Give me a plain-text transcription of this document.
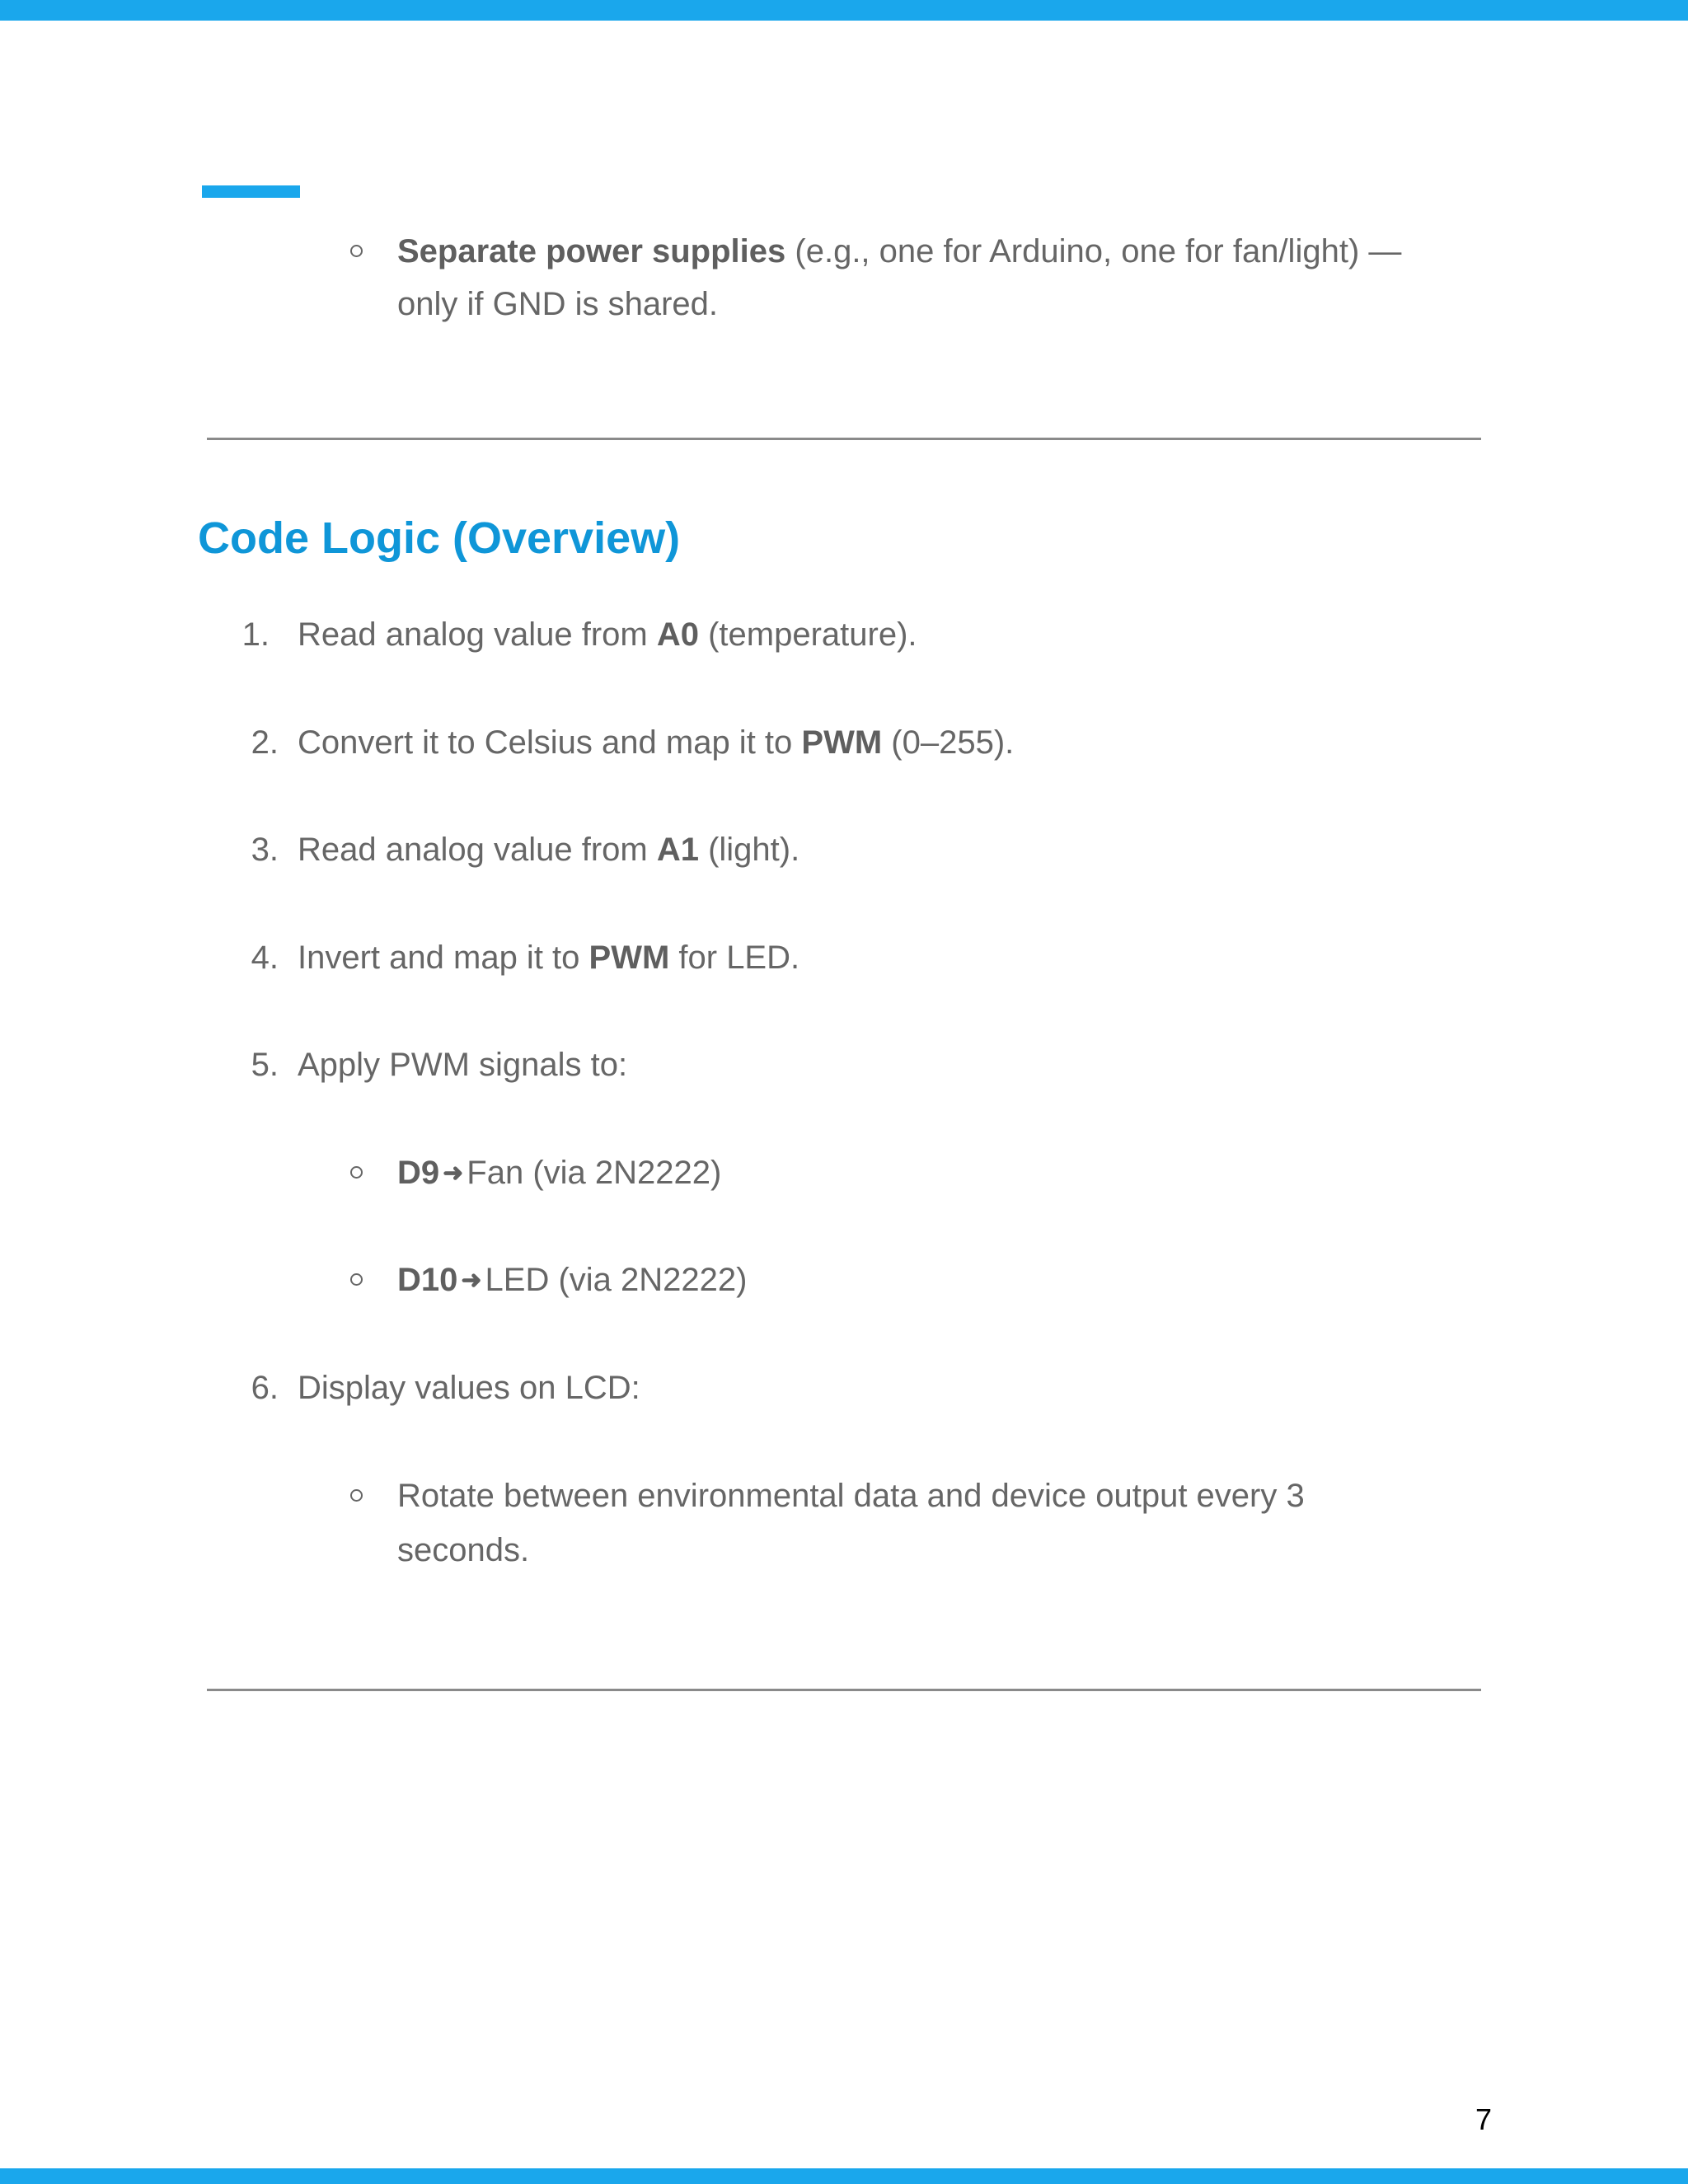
Separate power supplies (e.g., one for Arduino, one for fan/light) —
only if GND is shared.
Code Logic (Overview)
1. Read analog value from A0 (temperature).
2. Convert it to Celsius and map it to PWM (0–255).
3. Read analog value from A1 (light).
4. Invert and map it to PWM for LED.
5. Apply PWM signals to:
D9 ➜ Fan (via 2N2222)
D10 ➜ LED (via 2N2222)
6. Display values on LCD:
Rotate between environmental data and device output every 3
seconds.
7
